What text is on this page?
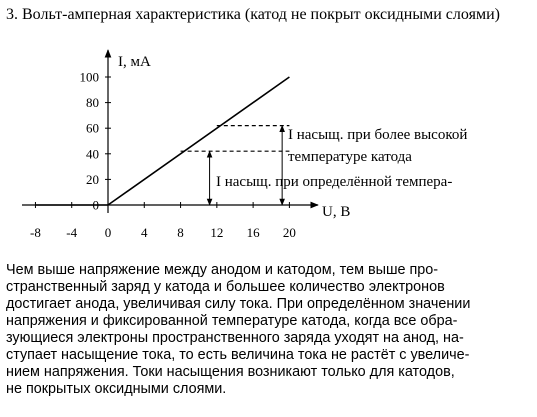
3. Вольт-амперная характеристика (катод не покрыт оксидными слоями)
U, В
I, мА
-8 -4 0 4 8 12 16 20
0
20
40
60
80
100
I насыщ. при более высокой
температуре катода
I насыщ. при определённой темпера-
Чем выше напряжение между анодом и катодом, тем выше про-
странственный заряд у катода и большее количество электронов
достигает анода, увеличивая силу тока. При определённом значении
напряжения и фиксированной температуре катода, когда все обра-
зующиеся электроны пространственного заряда уходят на анод, на-
ступает насыщение тока, то есть величина тока не растёт с увеличе-
нием напряжения. Токи насыщения возникают только для катодов,
не покрытых оксидными слоями.
